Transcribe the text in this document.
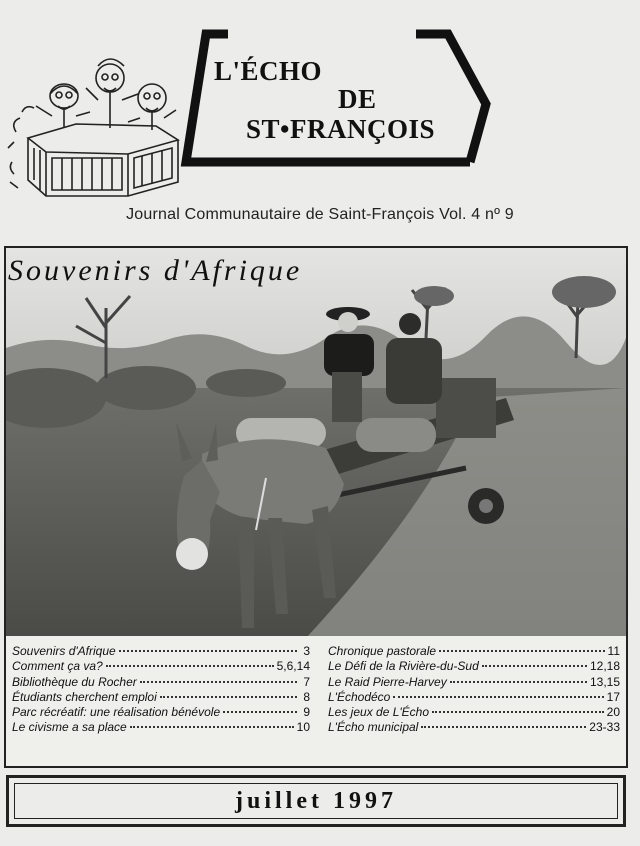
L'ÉCHO
DE
ST•FRANÇOIS
Journal Communautaire de Saint-François Vol. 4 nº 9
Souvenirs d'Afrique
Souvenirs d'Afrique	3
Comment ça va?	5,6,14
Bibliothèque du Rocher	7
Étudiants cherchent emploi	8
Parc récréatif: une réalisation bénévole	9
Le civisme a sa place	10
Chronique pastorale	11
Le Défi de la Rivière-du-Sud	12,18
Le Raid Pierre-Harvey	13,15
L'Échodéco	17
Les jeux de L'Écho	20
L'Écho municipal	23-33
juillet 1997
